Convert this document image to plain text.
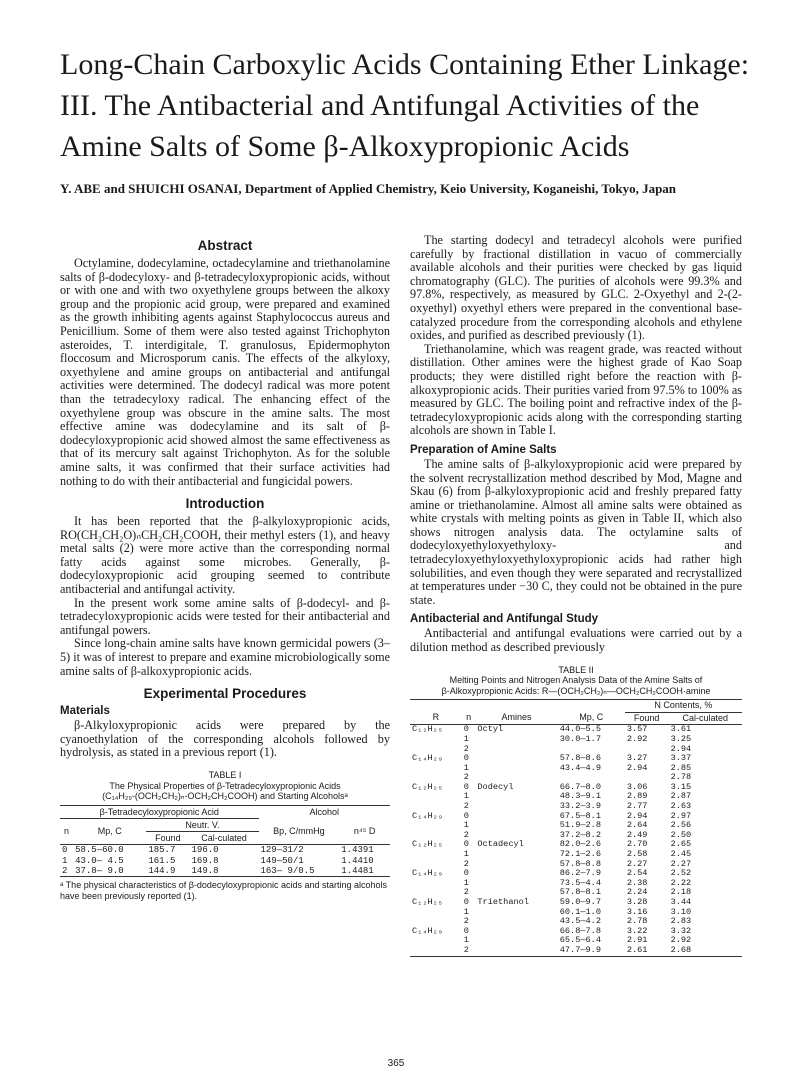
Long-Chain Carboxylic Acids Containing Ether Linkage: III. The Antibacterial and Antifungal Activities of the Amine Salts of Some β-Alkoxypropionic Acids
Y. ABE and SHUICHI OSANAI, Department of Applied Chemistry, Keio University, Koganeishi, Tokyo, Japan
Abstract

Octylamine, dodecylamine, octadecylamine and triethanolamine salts of β-dodecyloxy- and β-tetradecyloxypropionic acids, without or with one and with two oxyethylene groups between the alkoxy group and the propionic acid group, were prepared and examined as the growth inhibiting agents against Staphylococcus aureus and Penicillium. Some of them were also tested against Trichophyton asteroides, T. interdigitale, T. granulosus, Epidermophyton floccosum and Microsporum canis. The effects of the alkyloxy, oxyethylene and amine groups on antibacterial and antifungal activities were determined. The dodecyl radical was more potent than the tetradecyloxy radical. The enhancing effect of the oxyethylene group was obscure in the amine salts. The most effective amine was dodecylamine and its salt of β-dodecyloxypropionic acid showed almost the same effectiveness as that of its mercury salt against Trichophyton. As for the soluble amine salts, it was confirmed that their surface activities had nothing to do with their antibacterial and fungicidal powers.

Introduction

It has been reported that the β-alkyloxypropionic acids, RO(CH₂CH₂O)ₙCH₂CH₂COOH, their methyl esters (1), and heavy metal salts (2) were more active than the corresponding normal fatty acids against some microbes. Generally, β-dodecyloxypropionic acid grouping seemed to contribute antibacterial and antifungal activity.

In the present work some amine salts of β-dodecyl- and β-tetradecyloxypropionic acids were tested for their antibacterial and antifungal powers.

Since long-chain amine salts have known germicidal powers (3–5) it was of interest to prepare and examine microbiologically some amine salts of β-alkoxypropionic acids.

Experimental Procedures
Materials

β-Alkyloxypropionic acids were prepared by the cyanoethylation of the corresponding alcohols followed by hydrolysis, as stated in a previous report (1).

TABLE I
The Physical Properties of β-Tetradecyloxypropionic Acids
(C₁₄H₂₉-(OCH₂CH₂)ₙ-OCH₂CH₂COOH) and Starting Alcoholsᵃ
β-Tetradecyloxypropionic Acid				Alcohol	
n	Mp, C	Neutr. V.		Bp, C/mmHg	n⁴⁵ D
		Found	Cal-culated		
0	58.5—60.0	185.7	196.0	129—31/2	1.4391
1	43.0— 4.5	161.5	169.8	149—50/1	1.4410
2	37.8— 9.0	144.9	149.8	163— 9/0.5	1.4481
ᵃ The physical characteristics of β-dodecyloxypropionic acids and starting alcohols have been previously reported (1).

The starting dodecyl and tetradecyl alcohols were purified carefully by fractional distillation in vacuo of commercially available alcohols and their purities were checked by gas liquid chromatography (GLC). The purities of alcohols were 99.3% and 97.8%, respectively, as measured by GLC. 2-Oxyethyl and 2-(2-oxyethyl) oxyethyl ethers were prepared in the conventional base-catalyzed procedure from the corresponding alcohols and ethylene oxides, and purified as described previously (1).

Triethanolamine, which was reagent grade, was reacted without distillation. Other amines were the highest grade of Kao Soap products; they were distilled right before the reaction with β-alkoxypropionic acids. Their purities varied from 97.5% to 100% as measured by GLC. The boiling point and refractive index of the β-tetradecyloxypropionic acids along with the corresponding starting alcohols are shown in Table I.

Preparation of Amine Salts

The amine salts of β-alkyloxypropionic acid were prepared by the solvent recrystallization method described by Mod, Magne and Skau (6) from β-alkyloxypropionic acid and freshly prepared fatty amine or triethanolamine. Almost all amine salts were obtained as white crystals with melting points as given in Table II, which also shows nitrogen analysis data. The octylamine salts of dodecyloxyethyloxyethyloxy- and tetradecyloxyethyloxyethyloxypropionic acids had rather high solubilities, and even though they were separated and recrystallized at temperatures under −30 C, they could not be obtained in the pure state.

Antibacterial and Antifungal Study

Antibacterial and antifungal evaluations were carried out by a dilution method as described previously

TABLE II
Melting Points and Nitrogen Analysis Data of the Amine Salts of
β-Alkoxypropionic Acids: R—(OCH₂CH₂)ₙ—OCH₂CH₂COOH·amine
				N Contents, %	
R	n	Amines	Mp, C	Found	Cal-culated
C₁₂H₂₅	0	Octyl	44.0—5.5	3.57	3.61
	1		30.0—1.7	2.92	3.25
	2				2.94
C₁₄H₂₉	0		57.8—8.6	3.27	3.37
	1		43.4—4.9	2.94	2.85
	2				2.78
C₁₂H₂₅	0	Dodecyl	66.7—8.0	3.06	3.15
	1		48.3—9.1	2.89	2.87
	2		33.2—3.9	2.77	2.63
C₁₄H₂₉	0		67.5—8.1	2.94	2.97
	1		51.9—2.8	2.64	2.56
	2		37.2—8.2	2.49	2.50
C₁₂H₂₅	0	Octadecyl	82.0—2.6	2.70	2.65
	1		72.1—2.6	2.58	2.45
	2		57.8—8.8	2.27	2.27
C₁₄H₂₉	0		86.2—7.9	2.54	2.52
	1		73.5—4.4	2.38	2.22
	2		57.8—8.1	2.24	2.18
C₁₂H₂₅	0	Triethanol	59.0—9.7	3.28	3.44
	1		60.1—1.0	3.16	3.10
	2		43.5—4.2	2.78	2.83
C₁₄H₂₉	0		66.8—7.8	3.22	3.32
	1		65.5—6.4	2.91	2.92
	2		47.7—9.9	2.61	2.68
365
